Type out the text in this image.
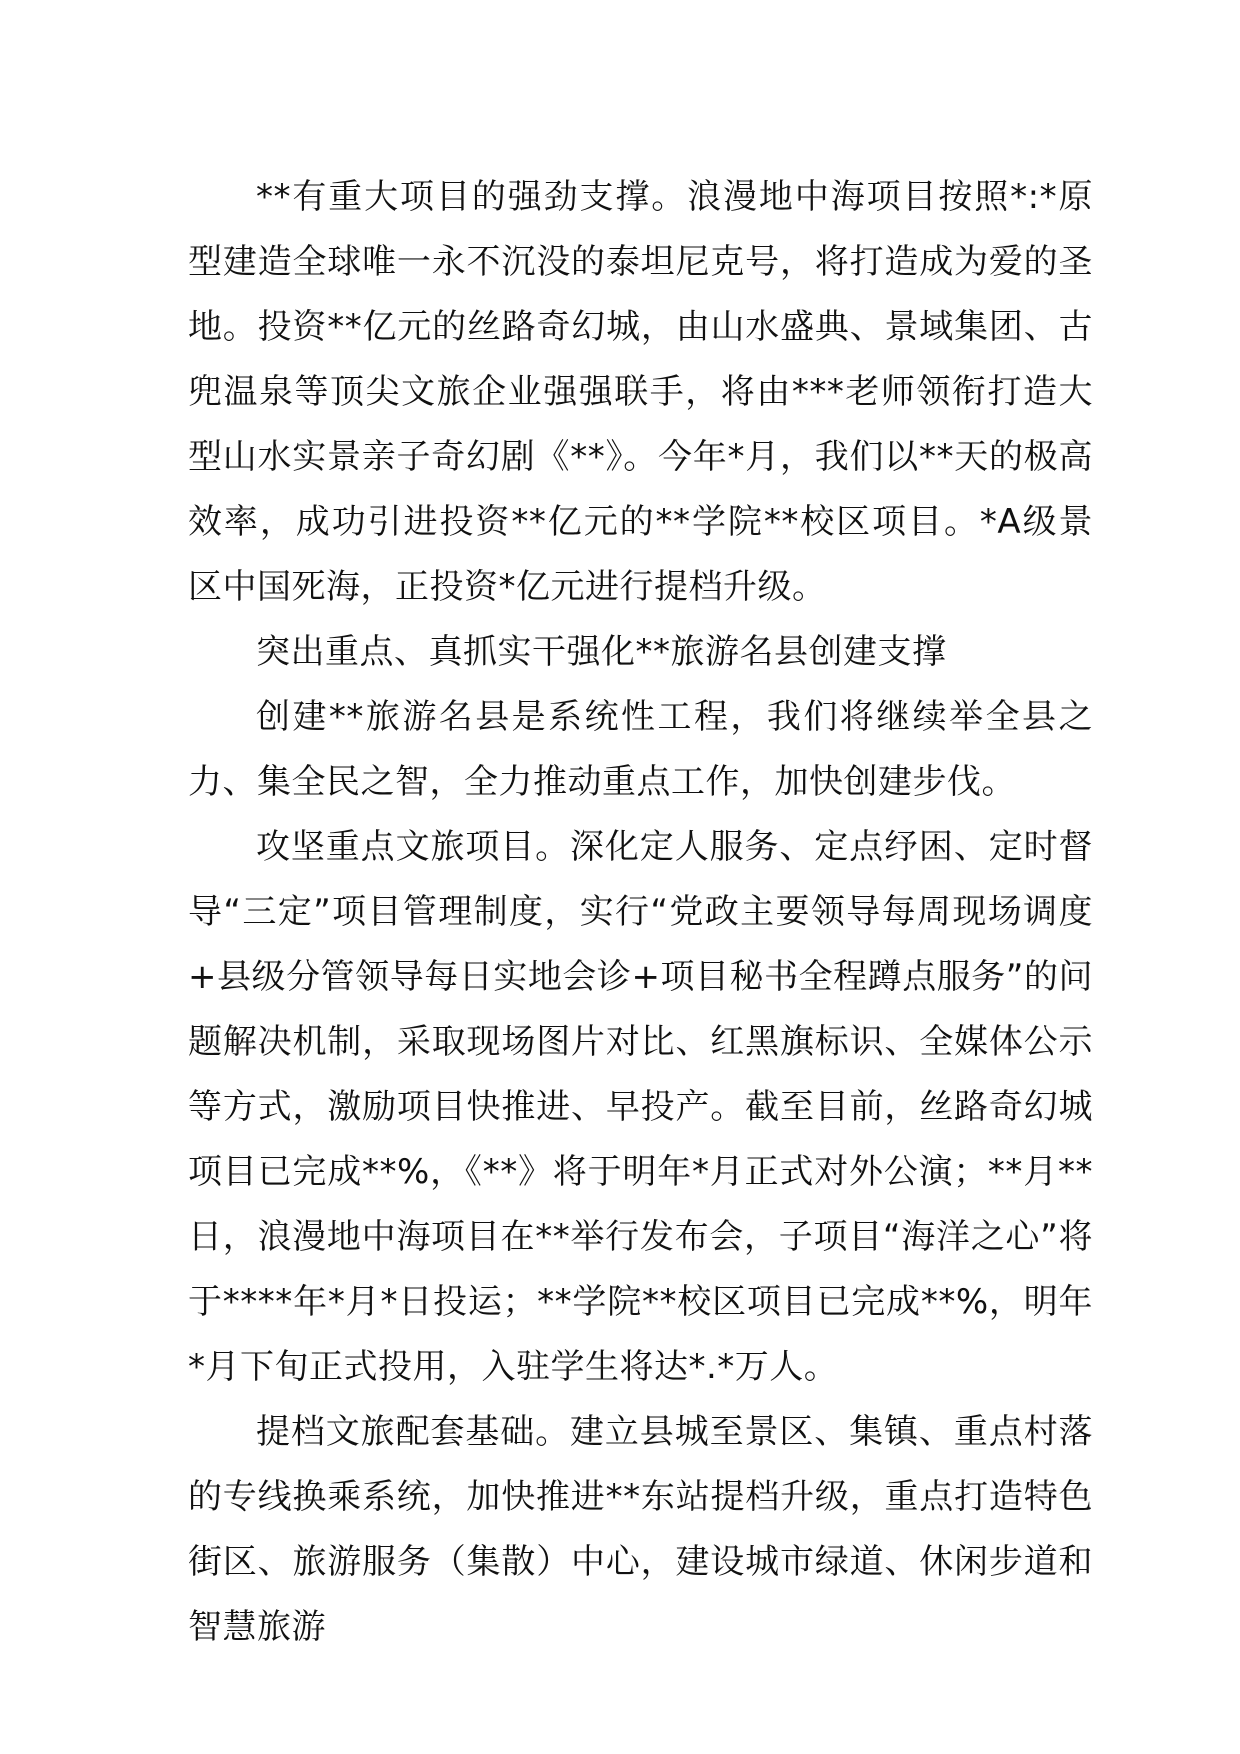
**有重大项目的强劲支撑。浪漫地中海项目按照*:*原型建造全球唯一永不沉没的泰坦尼克号，将打造成为爱的圣地。投资**亿元的丝路奇幻城，由山水盛典、景域集团、古兜温泉等顶尖文旅企业强强联手，将由***老师领衔打造大型山水实景亲子奇幻剧《**》。今年*月，我们以**天的极高效率，成功引进投资**亿元的**学院**校区项目。*A级景区中国死海，正投资*亿元进行提档升级。

突出重点、真抓实干强化**旅游名县创建支撑

创建**旅游名县是系统性工程，我们将继续举全县之力、集全民之智，全力推动重点工作，加快创建步伐。

攻坚重点文旅项目。深化定人服务、定点纾困、定时督导“三定”项目管理制度，实行“党政主要领导每周现场调度+县级分管领导每日实地会诊+项目秘书全程蹲点服务”的问题解决机制，采取现场图片对比、红黑旗标识、全媒体公示等方式，激励项目快推进、早投产。截至目前，丝路奇幻城项目已完成**%，《**》将于明年*月正式对外公演；**月**日，浪漫地中海项目在**举行发布会，子项目“海洋之心”将于****年*月*日投运；**学院**校区项目已完成**%，明年*月下旬正式投用，入驻学生将达*.*万人。

提档文旅配套基础。建立县城至景区、集镇、重点村落的专线换乘系统，加快推进**东站提档升级，重点打造特色街区、旅游服务（集散）中心，建设城市绿道、休闲步道和智慧旅游
